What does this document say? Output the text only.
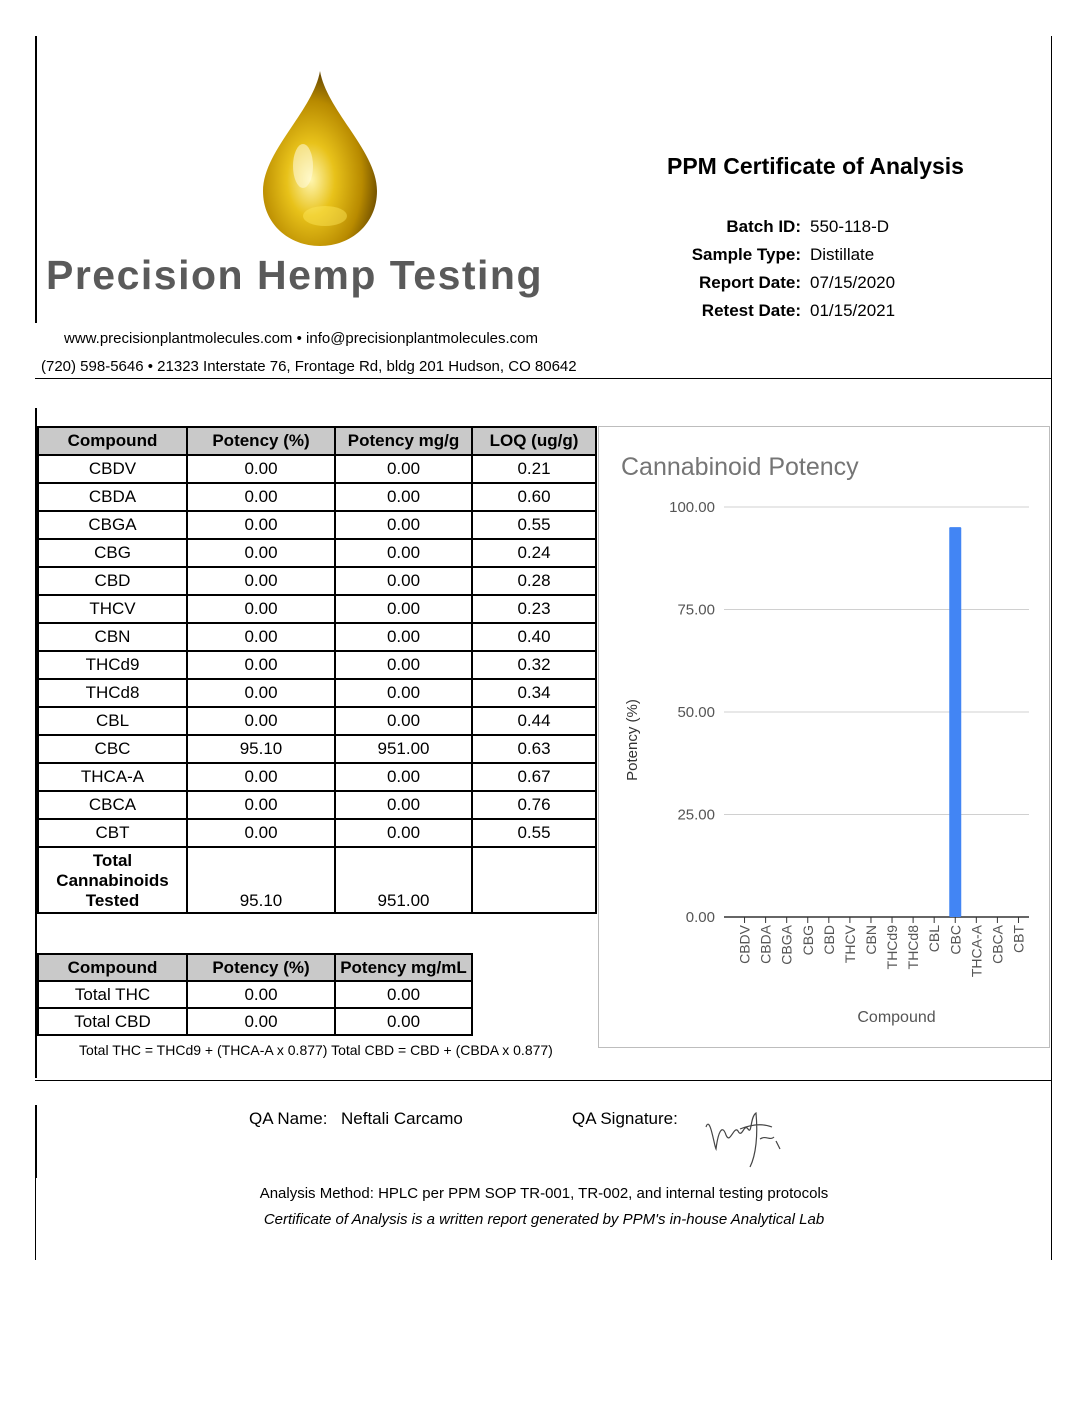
Precision Hemp Testing
www.precisionplantmolecules.com • info@precisionplantmolecules.com
(720) 598-5646 • 21323 Interstate 76, Frontage Rd, bldg 201 Hudson, CO 80642
PPM Certificate of Analysis
Batch ID: 550-118-D
Sample Type: Distillate
Report Date: 07/15/2020
Retest Date: 01/15/2021
Compound	Potency (%)	Potency mg/g	LOQ (ug/g)
CBDV	0.00	0.00	0.21
CBDA	0.00	0.00	0.60
CBGA	0.00	0.00	0.55
CBG	0.00	0.00	0.24
CBD	0.00	0.00	0.28
THCV	0.00	0.00	0.23
CBN	0.00	0.00	0.40
THCd9	0.00	0.00	0.32
THCd8	0.00	0.00	0.34
CBL	0.00	0.00	0.44
CBC	95.10	951.00	0.63
THCA-A	0.00	0.00	0.67
CBCA	0.00	0.00	0.76
CBT	0.00	0.00	0.55

Total
Cannabinoids
Tested	95.10	951.00	
Compound	Potency (%)	Potency mg/mL
Total THC	0.00	0.00
Total CBD	0.00	0.00
Total THC = THCd9 + (THCA-A x 0.877) Total CBD = CBD + (CBDA x 0.877)
Cannabinoid Potency
0.00
25.00
50.00
75.00
100.00
CBDV CBDA CBGA CBG CBD THCV CBN THCd9 THCd8 CBL CBC THCA-A CBCA CBT
Compound
Potency (%)
QA Name: Neftali Carcamo	QA Signature:
Analysis Method: HPLC per PPM SOP TR-001, TR-002, and internal testing protocols
Certificate of Analysis is a written report generated by PPM's in-house Analytical Lab
